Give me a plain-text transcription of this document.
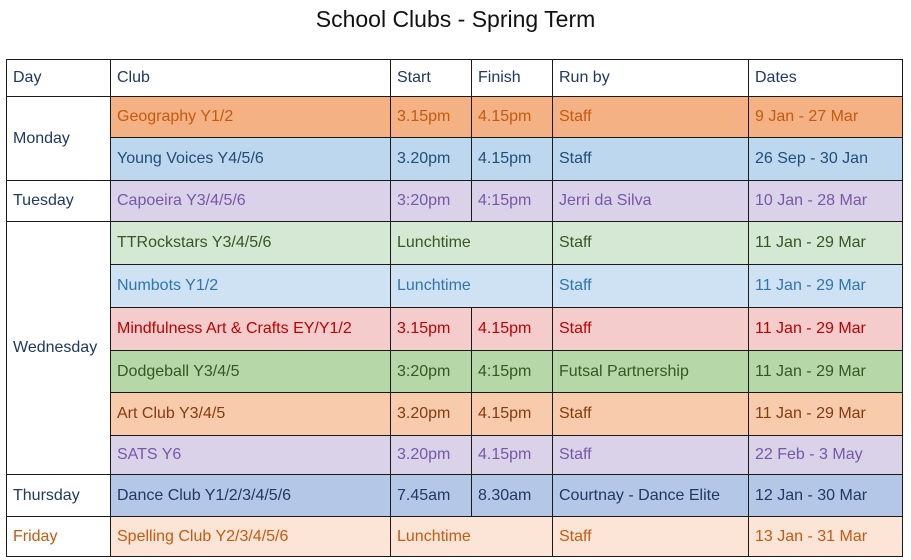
School Clubs - Spring Term
Day	Club	Start	Finish	Run by	Dates
Monday	Geography Y1/2	3.15pm	4.15pm	Staff	9 Jan - 27 Mar
	Young Voices Y4/5/6	3.20pm	4.15pm	Staff	26 Sep - 30 Jan
Tuesday	Capoeira Y3/4/5/6	3:20pm	4:15pm	Jerri da Silva	10 Jan - 28 Mar
Wednesday	TTRockstars Y3/4/5/6	Lunchtime		Staff	11 Jan - 29 Mar
	Numbots Y1/2	Lunchtime		Staff	11 Jan - 29 Mar
	Mindfulness Art & Crafts EY/Y1/2	3.15pm	4.15pm	Staff	11 Jan - 29 Mar
	Dodgeball Y3/4/5	3:20pm	4:15pm	Futsal Partnership	11 Jan - 29 Mar
	Art Club Y3/4/5	3.20pm	4.15pm	Staff	11 Jan - 29 Mar
	SATS Y6	3.20pm	4.15pm	Staff	22 Feb - 3 May
Thursday	Dance Club Y1/2/3/4/5/6	7.45am	8.30am	Courtnay - Dance Elite	12 Jan - 30 Mar
Friday	Spelling Club Y2/3/4/5/6	Lunchtime		Staff	13 Jan - 31 Mar
